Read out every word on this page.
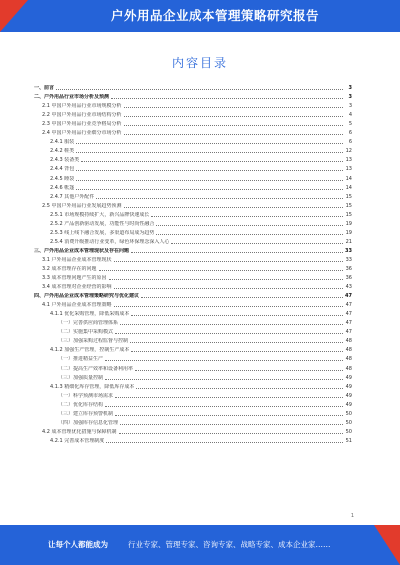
户外用品企业成本管理策略研究报告
内容目录
一、前言	3
二、户外用品行业市场分析及预测	3
2.1 中国户外用品行业市场规模分析	3
2.2 中国户外用品行业市场结构分析	4
2.3 中国户外用品行业竞争格局分析	5
2.4 中国户外用品行业细分市场分析	6
2.4.1 服装	6
2.4.2 鞋类	12
2.4.3 装备类	13
2.4.4 背包	13
2.4.5 睡袋	14
2.4.6 帐篷	14
2.4.7 其他户外配件	15
2.5 中国户外用品行业发展趋势预测	15
2.5.1 市场规模持续扩大，新兴品牌快速成长	15
2.5.2 产品创新驱动发展，功能性与时尚性融合	19
2.5.3 线上线下融合发展，多渠道布局成为趋势	19
2.5.4 消费升级推动行业变革，绿色环保理念深入人心	21
三、户外用品企业成本管理现状及存在问题	33
3.1 户外用品企业成本管理现状	33
3.2 成本管理存在的问题	36
3.3 成本管理问题产生的原因	36
3.4 成本管理对企业经营的影响	43
四、户外用品企业成本管理策略研究与优化建议	47
4.1 户外用品企业成本管理策略	47
4.1.1 优化采购管理，降低采购成本	47
（一）完善供应商管理体系	47
（二）实施集中采购模式	47
（三）加强采购过程监督与控制	48
4.1.2 加强生产管理，控制生产成本	48
（一）推进精益生产	48
（二）提高生产效率和设备利用率	48
（三）加强质量控制	49
4.1.3 精细化库存管理，降低库存成本	49
（一）科学预测市场需求	49
（二）优化库存结构	49
（三）建立库存预警机制	50
（四）加强库存信息化管理	50
4.2 成本管理优化措施与保障机制	50
4.2.1 完善成本管理制度	51
1
让每个人都能成为	行业专家、管理专家、咨询专家、战略专家、成本企业家……
